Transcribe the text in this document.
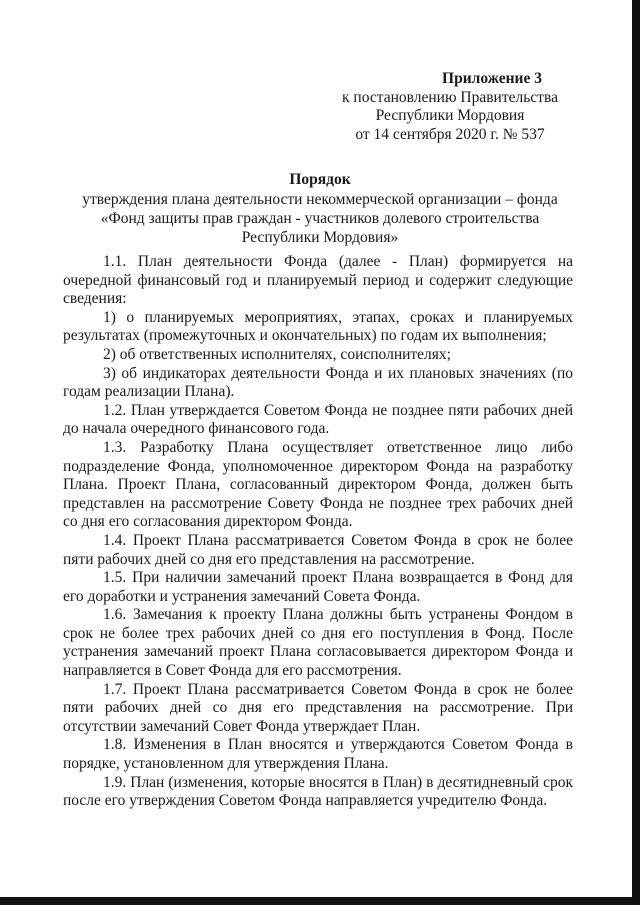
Приложение 3
к постановлению Правительства
Республики Мордовия
от 14 сентября 2020 г. № 537
Порядок
утверждения плана деятельности некоммерческой организации – фонда
«Фонд защиты прав граждан - участников долевого строительства
Республики Мордовия»

1.1. План деятельности Фонда (далее - План) формируется на очередной финансовый год и планируемый период и содержит следующие сведения:

1) о планируемых мероприятиях, этапах, сроках и планируемых результатах (промежуточных и окончательных) по годам их выполнения;

2) об ответственных исполнителях, соисполнителях;

3) об индикаторах деятельности Фонда и их плановых значениях (по годам реализации Плана).

1.2. План утверждается Советом Фонда не позднее пяти рабочих дней до начала очередного финансового года.

1.3. Разработку Плана осуществляет ответственное лицо либо подразделение Фонда, уполномоченное директором Фонда на разработку Плана. Проект Плана, согласованный директором Фонда, должен быть представлен на рассмотрение Совету Фонда не позднее трех рабочих дней со дня его согласования директором Фонда.

1.4. Проект Плана рассматривается Советом Фонда в срок не более пяти рабочих дней со дня его представления на рассмотрение.

1.5. При наличии замечаний проект Плана возвращается в Фонд для его доработки и устранения замечаний Совета Фонда.

1.6. Замечания к проекту Плана должны быть устранены Фондом в срок не более трех рабочих дней со дня его поступления в Фонд. После устранения замечаний проект Плана согласовывается директором Фонда и направляется в Совет Фонда для его рассмотрения.

1.7. Проект Плана рассматривается Советом Фонда в срок не более пяти рабочих дней со дня его представления на рассмотрение. При отсутствии замечаний Совет Фонда утверждает План.

1.8. Изменения в План вносятся и утверждаются Советом Фонда в порядке, установленном для утверждения Плана.

1.9. План (изменения, которые вносятся в План) в десятидневный срок после его утверждения Советом Фонда направляется учредителю Фонда.
